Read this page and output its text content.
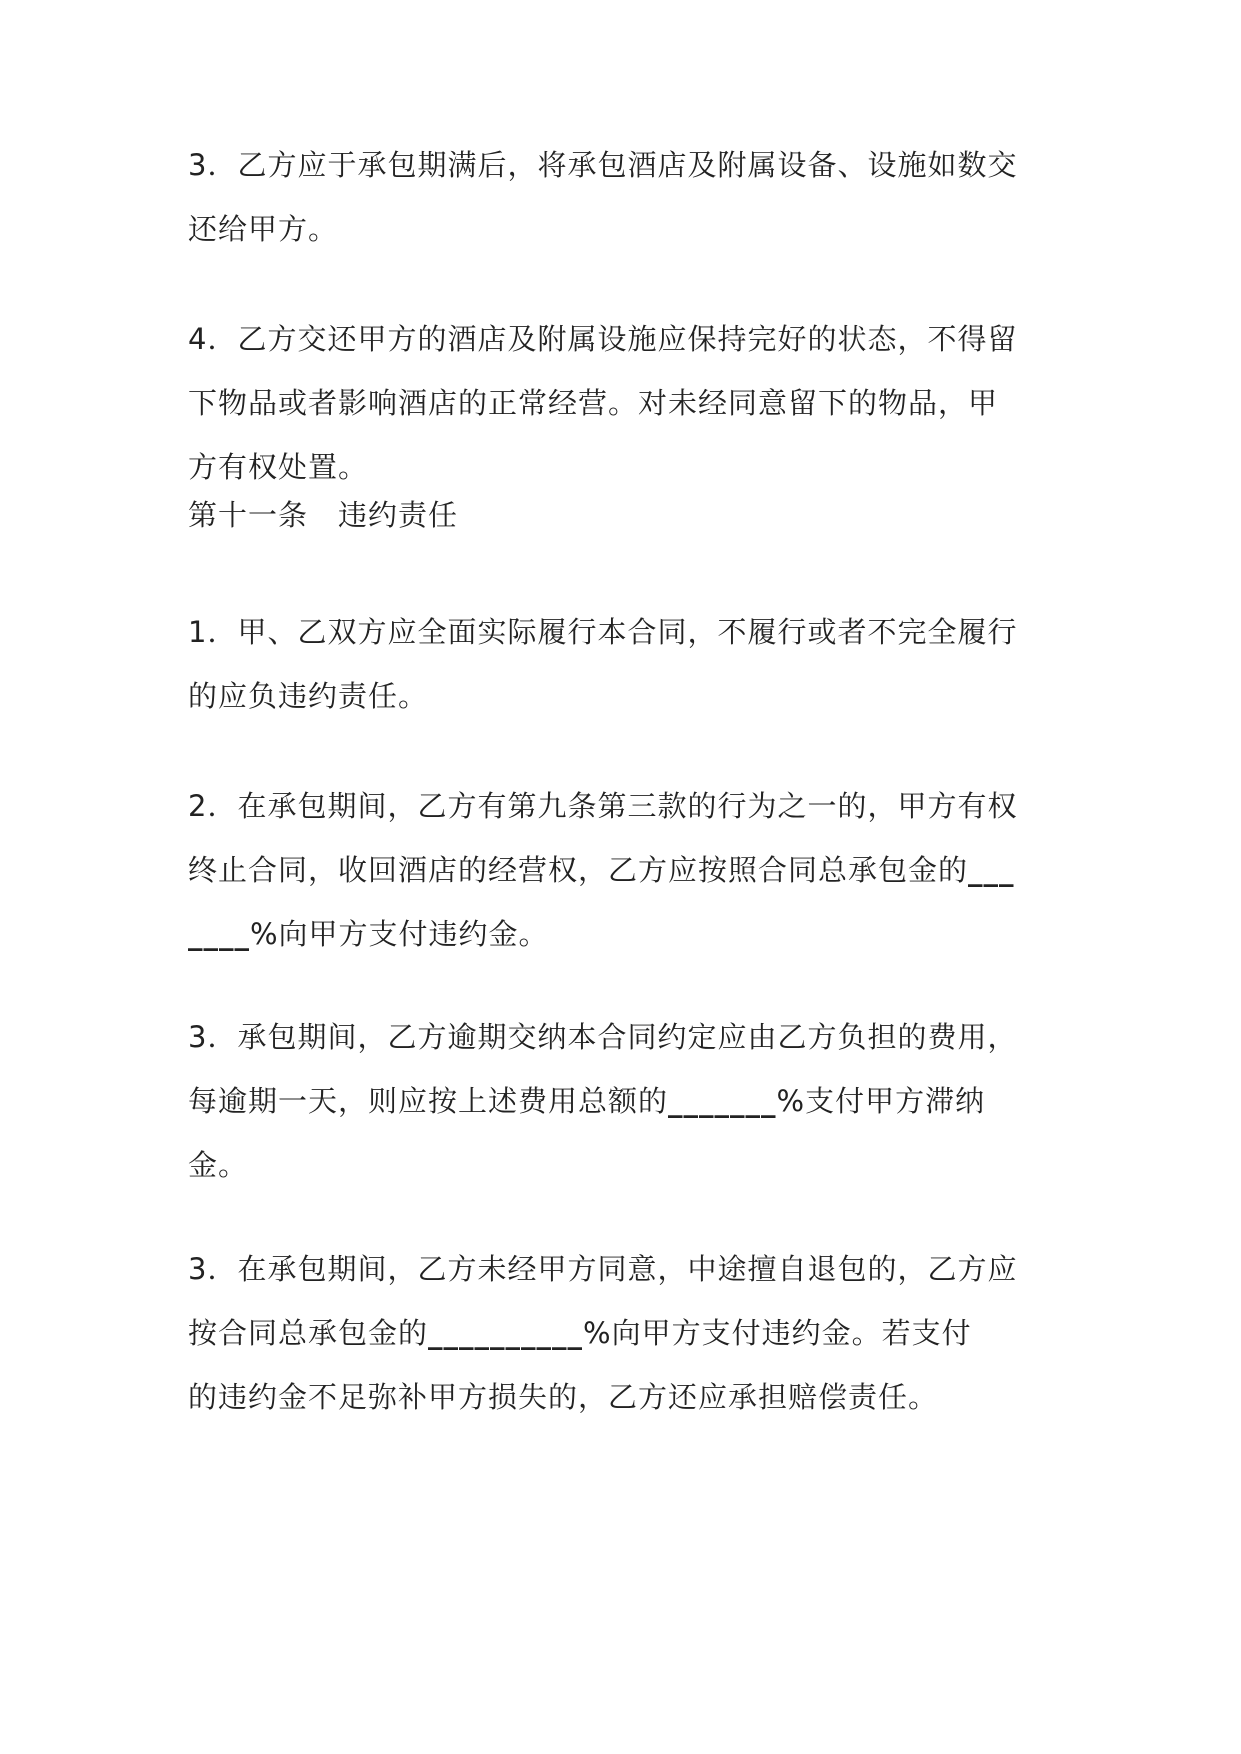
3．乙方应于承包期满后，将承包酒店及附属设备、设施如数交
还给甲方。
4．乙方交还甲方的酒店及附属设施应保持完好的状态，不得留
下物品或者影响酒店的正常经营。对未经同意留下的物品，甲
方有权处置。
第十一条　违约责任
1．甲、乙双方应全面实际履行本合同，不履行或者不完全履行
的应负违约责任。
2．在承包期间，乙方有第九条第三款的行为之一的，甲方有权
终止合同，收回酒店的经营权，乙方应按照合同总承包金的___
____%向甲方支付违约金。
3．承包期间，乙方逾期交纳本合同约定应由乙方负担的费用，
每逾期一天，则应按上述费用总额的_______%支付甲方滞纳
金。
3．在承包期间，乙方未经甲方同意，中途擅自退包的，乙方应
按合同总承包金的__________%向甲方支付违约金。若支付
的违约金不足弥补甲方损失的，乙方还应承担赔偿责任。
